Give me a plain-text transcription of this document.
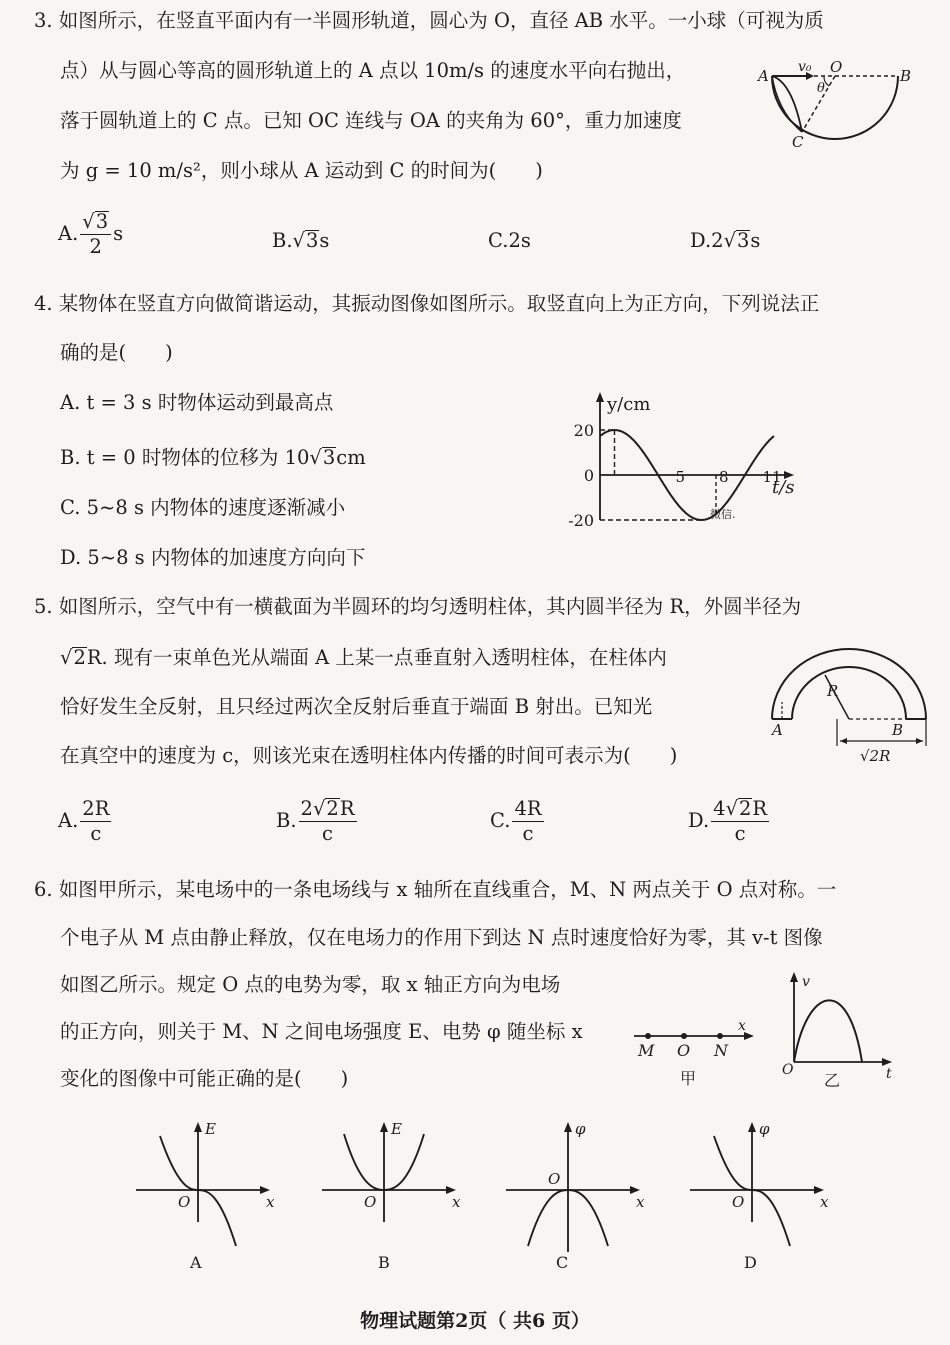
3. 如图所示，在竖直平面内有一半圆形轨道，圆心为 O，直径 AB 水平。一小球（可视为质
点）从与圆心等高的圆形轨道上的 A 点以 10m/s 的速度水平向右抛出，
落于圆轨道上的 C 点。已知 OC 连线与 OA 的夹角为 60°，重力加速度
为 g = 10 m/s²，则小球从 A 运动到 C 的时间为(　　)
A v₀ O	B
θ
C
A. $\frac{√3}{2}$ s	B.√3s	C.2s	D.2√3s
4. 某物体在竖直方向做简谐运动，其振动图像如图所示。取竖直向上为正方向，下列说法正
确的是(　　)
A. t = 3 s 时物体运动到最高点
B. t = 0 时物体的位移为 10√3cm
C. 5~8 s 内物体的速度逐渐减小
D. 5~8 s 内物体的加速度方向向下
y/cm
t/s
微信.
20
0
-20
5 8 11
5. 如图所示，空气中有一横截面为半圆环的均匀透明柱体，其内圆半径为 R，外圆半径为
√2R. 现有一束单色光从端面 A 上某一点垂直射入透明柱体，在柱体内
恰好发生全反射，且只经过两次全反射后垂直于端面 B 射出。已知光
在真空中的速度为 c，则该光束在透明柱体内传播的时间可表示为(　　)
R
A	B
√2R
A. $\frac{2R}{c}$	B. $\frac{2√2R}{c}$	C. $\frac{4R}{c}$	D. $\frac{4√2R}{c}$
6. 如图甲所示，某电场中的一条电场线与 x 轴所在直线重合，M、N 两点关于 O 点对称。一
个电子从 M 点由静止释放，仅在电场力的作用下到达 N 点时速度恰好为零，其 v-t 图像
如图乙所示。规定 O 点的电势为零，取 x 轴正方向为电场
的正方向，则关于 M、N 之间电场强度 E、电势 φ 随坐标 x
变化的图像中可能正确的是(　　)
x
M O N
甲
v
O	t
乙
E
O	x
A
E
O	x
B
φ
O
x
C
φ
O	x
D
物理试题第2页（ 共6 页）
